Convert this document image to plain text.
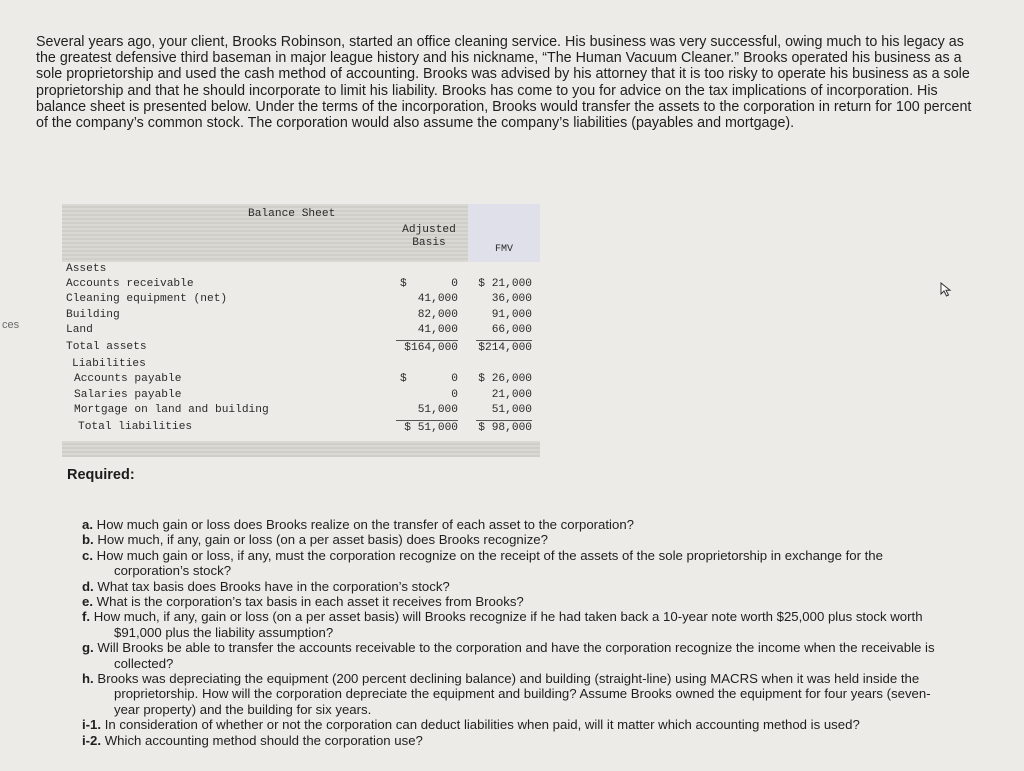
ces

Several years ago, your client, Brooks Robinson, started an office cleaning service. His business was very successful, owing much to his legacy as the greatest defensive third baseman in major league history and his nickname, “The Human Vacuum Cleaner.” Brooks operated his business as a sole proprietorship and used the cash method of accounting. Brooks was advised by his attorney that it is too risky to operate his business as a sole proprietorship and that he should incorporate to limit his liability. Brooks has come to you for advice on the tax implications of incorporation. His balance sheet is presented below. Under the terms of the incorporation, Brooks would transfer the assets to the corporation in return for 100 percent of the company’s common stock. The corporation would also assume the company’s liabilities (payables and mortgage).

Balance Sheet
Adjusted
Basis
FMV
Assets
Accounts receivable	$	0 $ 21,000
Cleaning equipment (net)	41,000	36,000
Building	82,000	91,000
Land	41,000	66,000
Total assets	$164,000 $214,000
Liabilities
Accounts payable	$	0 $ 26,000
Salaries payable	0	21,000
Mortgage on land and building	51,000	51,000
Total liabilities	$ 51,000 $ 98,000
Required:

a. How much gain or loss does Brooks realize on the transfer of each asset to the corporation?

b. How much, if any, gain or loss (on a per asset basis) does Brooks recognize?

c. How much gain or loss, if any, must the corporation recognize on the receipt of the assets of the sole proprietorship in exchange for the corporation’s stock?

d. What tax basis does Brooks have in the corporation’s stock?

e. What is the corporation’s tax basis in each asset it receives from Brooks?

f. How much, if any, gain or loss (on a per asset basis) will Brooks recognize if he had taken back a 10-year note worth $25,000 plus stock worth $91,000 plus the liability assumption?

g. Will Brooks be able to transfer the accounts receivable to the corporation and have the corporation recognize the income when the receivable is collected?

h. Brooks was depreciating the equipment (200 percent declining balance) and building (straight-line) using MACRS when it was held inside the proprietorship. How will the corporation depreciate the equipment and building? Assume Brooks owned the equipment for four years (seven-year property) and the building for six years.

i-1. In consideration of whether or not the corporation can deduct liabilities when paid, will it matter which accounting method is used?

i-2. Which accounting method should the corporation use?
